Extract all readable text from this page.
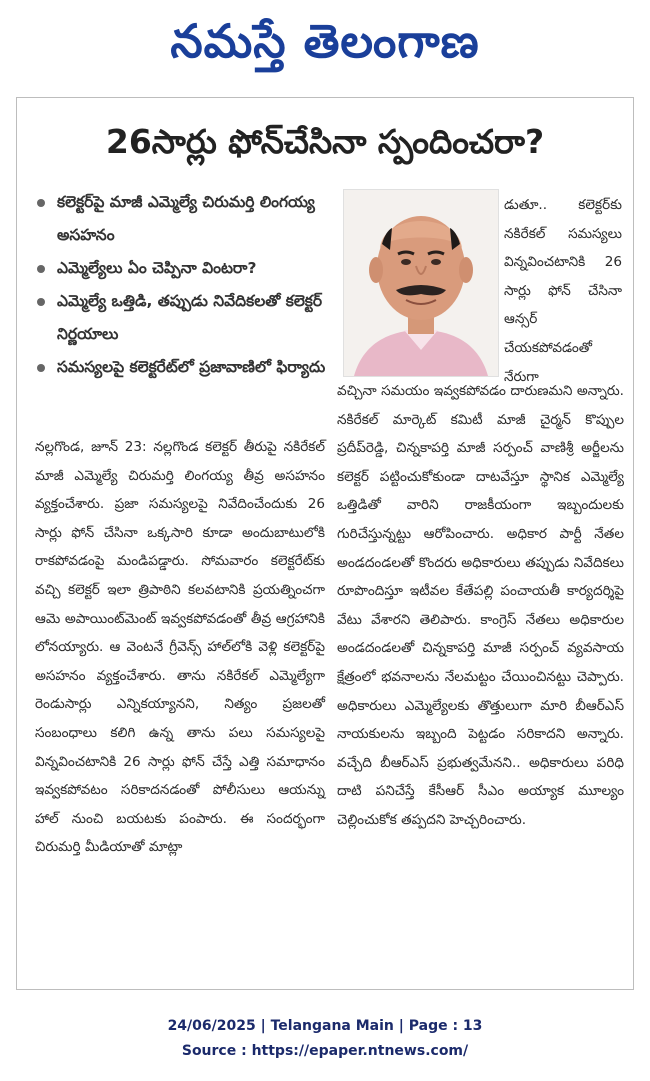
నమస్తే తెలంగాణ
26సార్లు ఫోన్‌చేసినా స్పందించరా?
కలెక్టర్‌పై మాజీ ఎమ్మెల్యే చిరుమర్తి లింగయ్య అసహనం
ఎమ్మెల్యేలు ఏం చెప్పినా వింటరా?
ఎమ్మెల్యే ఒత్తిడి, తప్పుడు నివేదికలతో కలెక్టర్ నిర్ణయాలు
సమస్యలపై కలెక్టరేట్‌లో ప్రజావాణిలో ఫిర్యాదు
నల్లగొండ, జూన్ 23: నల్లగొండ కలెక్టర్ తీరుపై నకిరేకల్ మాజీ ఎమ్మెల్యే చిరుమర్తి లింగయ్య తీవ్ర అసహనం వ్యక్తంచేశారు. ప్రజా సమస్యలపై నివేదించేందుకు 26 సార్లు ఫోన్ చేసినా ఒక్కసారి కూడా అందుబాటులోకి రాకపోవడంపై మండిపడ్డారు. సోమవారం కలెక్టరేట్‌కు వచ్చి కలెక్టర్ ఇలా త్రిపాఠిని కలవటానికి ప్రయత్నించగా ఆమె అపాయింట్‌మెంట్ ఇవ్వకపోవడంతో తీవ్ర ఆగ్రహానికి లోనయ్యారు. ఆ వెంటనే గ్రీవెన్స్ హాల్‌లోకి వెళ్లి కలెక్టర్‌పై అసహనం వ్యక్తంచేశారు. తాను నకిరేకల్ ఎమ్మెల్యేగా రెండుసార్లు ఎన్నికయ్యానని, నిత్యం ప్రజలతో సంబంధాలు కలిగి ఉన్న తాను పలు సమస్యలపై విన్నవించటానికి 26 సార్లు ఫోన్ చేస్తే ఎత్తి సమాధానం ఇవ్వకపోవటం సరికాదనడంతో పోలీసులు ఆయన్ను హాల్ నుంచి బయటకు పంపారు. ఈ సందర్భంగా చిరుమర్తి మీడియాతో మాట్లా
డుతూ.. కలెక్టర్‌కు నకిరేకల్ సమస్యలు విన్నవించటానికి 26 సార్లు ఫోన్ చేసినా ఆన్సర్ చేయకపోవడంతో నేరుగా
వచ్చినా సమయం ఇవ్వకపోవడం దారుణమని అన్నారు. నకిరేకల్ మార్కెట్ కమిటీ మాజీ చైర్మన్ కొప్పుల ప్రదీప్‌రెడ్డి, చిన్నకాపర్తి మాజీ సర్పంచ్ వాణిశ్రీ అర్జీలను కలెక్టర్ పట్టించుకోకుండా దాటవేస్తూ స్థానిక ఎమ్మెల్యే ఒత్తిడితో వారిని రాజకీయంగా ఇబ్బందులకు గురిచేస్తున్నట్టు ఆరోపించారు. అధికార పార్టీ నేతల అండదండలతో కొందరు అధికారులు తప్పుడు నివేదికలు రూపొందిస్తూ ఇటీవల కేతేపల్లి పంచాయతీ కార్యదర్శిపై వేటు వేశారని తెలిపారు. కాంగ్రెస్ నేతలు అధికారుల అండదండలతో చిన్నకాపర్తి మాజీ సర్పంచ్ వ్యవసాయ క్షేత్రంలో భవనాలను నేలమట్టం చేయించినట్టు చెప్పారు. అధికారులు ఎమ్మెల్యేలకు తొత్తులుగా మారి బీఆర్‌ఎస్ నాయకులను ఇబ్బంది పెట్టడం సరికాదని అన్నారు. వచ్చేది బీఆర్‌ఎస్ ప్రభుత్వమేనని.. అధికారులు పరిధి దాటి పనిచేస్తే కేసీఆర్ సీఎం అయ్యాక మూల్యం చెల్లించుకోక తప్పదని హెచ్చరించారు.
24/06/2025 | Telangana Main | Page : 13
Source : https://epaper.ntnews.com/
